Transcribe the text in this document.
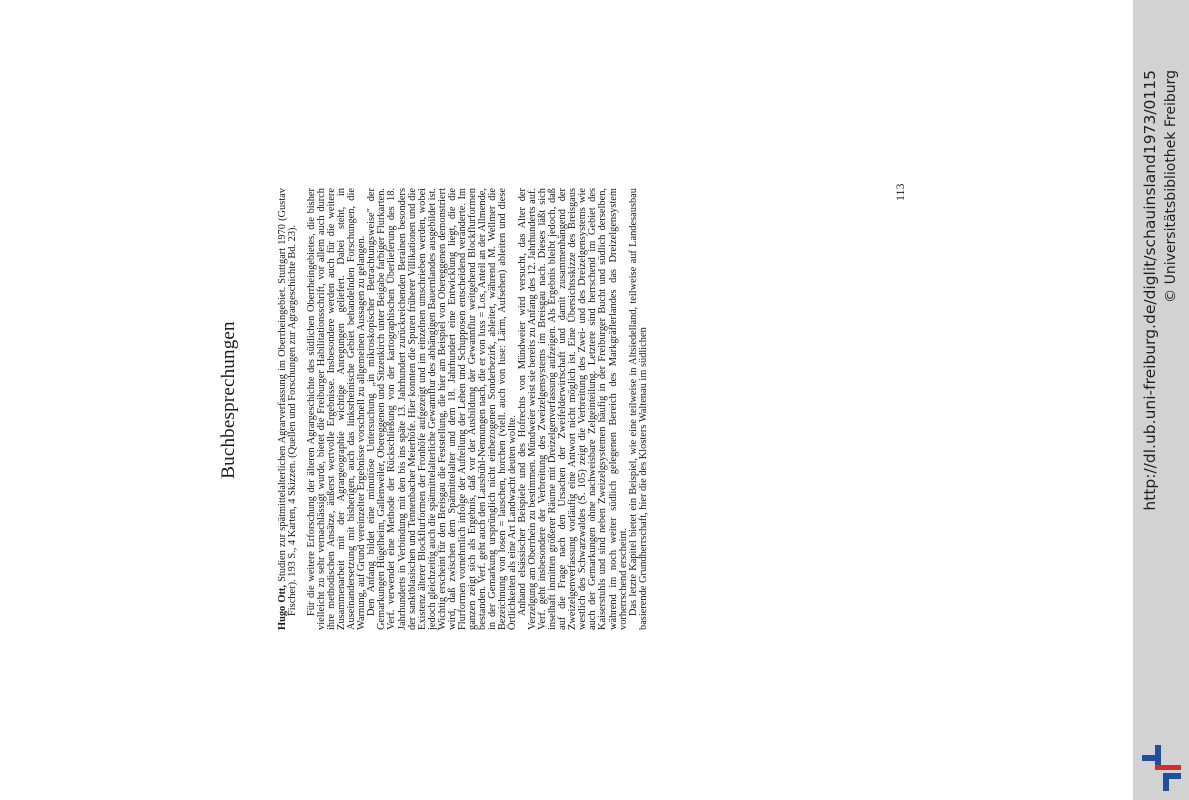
Buchbesprechungen

Hugo Ott, Studien zur spätmittelalterlichen Agrarverfassung im Oberrheingebiet. Stuttgart 1970 (Gustav Fischer). 193 S., 4 Karten, 4 Skizzen. (Quellen und Forschungen zur Agrargeschichte Bd. 23). Für die weitere Erforschung der älteren Agrargeschichte des südlichen Oberrheingebietes, die bisher vielleicht zu sehr vernachlässigt wurde, bietet die Freiburger Habilitationsschrift, vor allem auch durch ihre methodischen Ansätze, äußerst wertvolle Ergebnisse. Insbesondere werden auch für die weitere Zusammenarbeit mit der Agrargeographie wichtige Anregungen geliefert. Dabei steht, in Auseinandersetzung mit bisherigen, auch das linksrheinische Gebiet behandelnden Forschungen, die Warnung, auf Grund vereinzelter Ergebnisse vorschnell zu allgemeinen Aussagen zu gelangen. Den Anfang bildet eine minutiöse Untersuchung „in mikroskopischer Betrachtungsweise" der Gemarkungen Hügelheim, Gallenweiler, Obereggenen und Sitzenkirch unter Beigabe farbiger Flurkarten. Verf. verwendet eine Methode der Rückschließung von der kartographischen Überlieferung des 18. Jahrhunderts in Verbindung mit den bis ins späte 13. Jahrhundert zurückreichenden Berainen besonders der sanktblasischen und Tennenbacher Meierhöfe. Hier konnten die Spuren früherer Villikationen und die Existenz älterer Blockflurformen der Fronhöfe aufgezeigt und im einzelnen umschrieben werden, wobei jedoch gleichzeitig auch die spätmittelalterliche Gewannflur des abhängigen Bauernlandes ausgebildet ist. Wichtig erscheint für den Breisgau die Feststellung, die hier am Beispiel von Obereggenen demonstriert wird, daß zwischen dem Spätmittelalter und dem 18. Jahrhundert eine Entwicklung liegt, die die Flurformen vornehmlich infolge der Aufteilung der Lehen und Schupposen entscheidend veränderte. Im ganzen zeigt sich als Ergebnis, daß vor der Ausbildung der Gewannflur weitgehend Blockflurformen bestanden. Verf. geht auch den Lausbühl-Nennungen nach, die er von luss = Los, Anteil an der Allmende, in der Gemarkung ursprünglich nicht einbezogenen Sonderbezirk, ableitet, während M. Wellmer die Bezeichnung von losen = lauschen, horchen (viell. auch von luse: Lärm, Aufsehen) ableiten und diese Örtlichkeiten als eine Art Landwacht deuten wollte. Anhand elsässischer Beispiele und des Hofrechts von Mündweier wird versucht, das Alter der Verzelgung am Oberrhein zu bestimmen. Mündweier weist sie bereits zu Anfang des 12. Jahrhunderts auf. Verf. geht insbesondere der Verbreitung des Zweizelgensystems im Breisgau nach. Dieses läßt sich inselhaft inmitten größerer Räume mit Dreizelgenverfassung aufzeigen. Als Ergebnis bleibt jedoch, daß auf die Frage nach den Ursachen der Zweifelderwirtschaft und damit zusammenhängend der Zweizelgenverfassung vorläufig eine Antwort nicht möglich ist. Eine Übersichtsskizze des Breisgaus westlich des Schwarzwaldes (S. 105) zeigt die Verbreitung des Zwei- und des Dreizelgensystems wie auch der Gemarkungen ohne nachweisbare Zelgeinteilung. Letztere sind herrschend im Gebiet des Kaiserstuhls und sind neben Zweizelgsystemen häufig in der Freiburger Bucht und südlich derselben, während im noch weiter südlich gelegenen Bereich des Markgräflerlandes das Dreizelgensystem vorherrschend erscheint. Das letzte Kapitel bietet ein Beispiel, wie eine teilweise in Altsiedelland, teilweise auf Landesausbau basierende Grundherrschaft, hier die des Klosters Waltenau im südlichen

113	http://dl.ub.uni-freiburg.de/diglit/schauinsland1973/0115 © Universitätsbibliothek Freiburg
